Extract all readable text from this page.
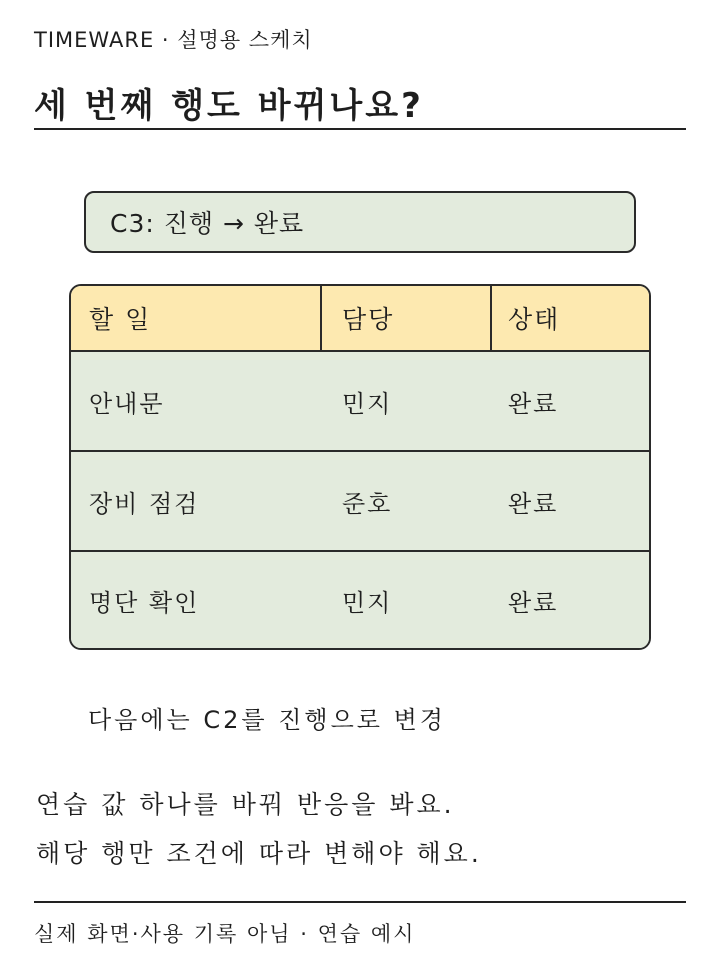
TIMEWARE · 설명용 스케치
세 번째 행도 바뀌나요?
C3: 진행 → 완료
할 일	담당	상태
안내문	민지	완료
장비 점검	준호	완료
명단 확인	민지	완료
다음에는 C2를 진행으로 변경
연습 값 하나를 바꿔 반응을 봐요.
해당 행만 조건에 따라 변해야 해요.
실제 화면·사용 기록 아님 · 연습 예시
